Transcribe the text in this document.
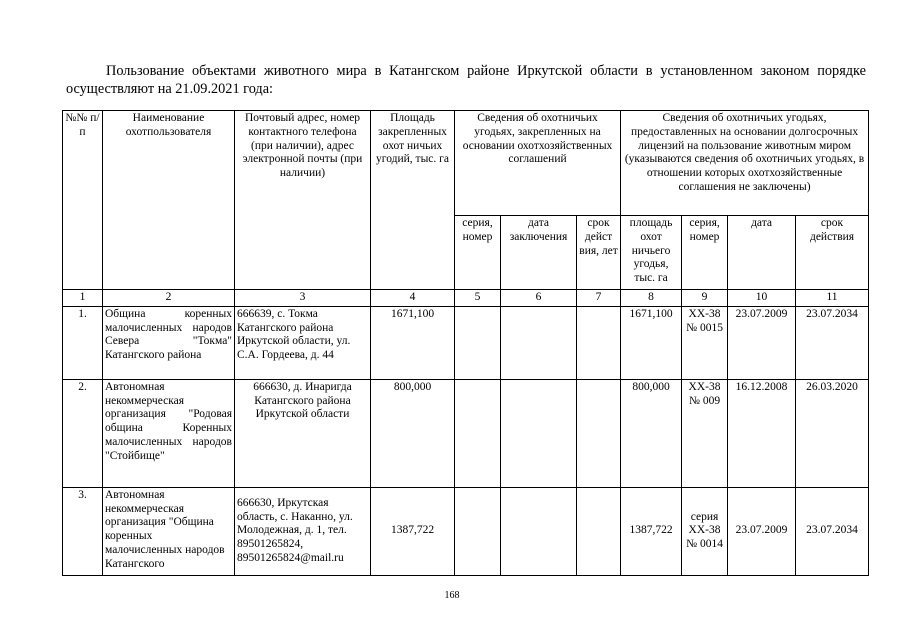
Пользование объектами животного мира в Катангском районе Иркутской области в установленном законом порядке осуществляют на 21.09.2021 года:
№№ п/п	Наименование охотпользователя	Почтовый адрес, номер контактного телефона (при наличии), адрес электронной почты (при наличии)	Площадь закрепленных охот ничьих угодий, тыс. га	Сведения об охотничьих угодьях, закрепленных на основании охотхозяйственных соглашений			Сведения об охотничьих угодьях, предоставленных на основании долгосрочных лицензий на пользование животным миром (указываются сведения об охотничьих угодьях, в отношении которых охотхозяйственные соглашения не заключены)			
				серия, номер	дата заключения	срок дейст вия, лет	площадь охот ничьего угодья, тыс. га	серия, номер	дата	срок действия
1	2	3	4	5	6	7	8	9	10	11
1.	Община коренных малочисленных народов Севера "Токма" Катангского района	666639, с. Токма Катангского района Иркутской области, ул. С.А. Гордеева, д. 44	1671,100				1671,100	ХХ-38 № 0015	23.07.2009	23.07.2034
2.	Автономная некоммерческая организация "Родовая община Коренных малочисленных народов "Стойбище"	666630, д. Инаригда Катангского района Иркутской области	800,000				800,000	ХХ-38 № 009	16.12.2008	26.03.2020
3.	Автономная некоммерческая организация "Община коренных малочисленных народов Катангского	666630, Иркутская область, с. Наканно, ул. Молодежная, д. 1, тел. 89501265824, 89501265824@mail.ru	1387,722				1387,722	серия ХХ-38 № 0014	23.07.2009	23.07.2034
168
